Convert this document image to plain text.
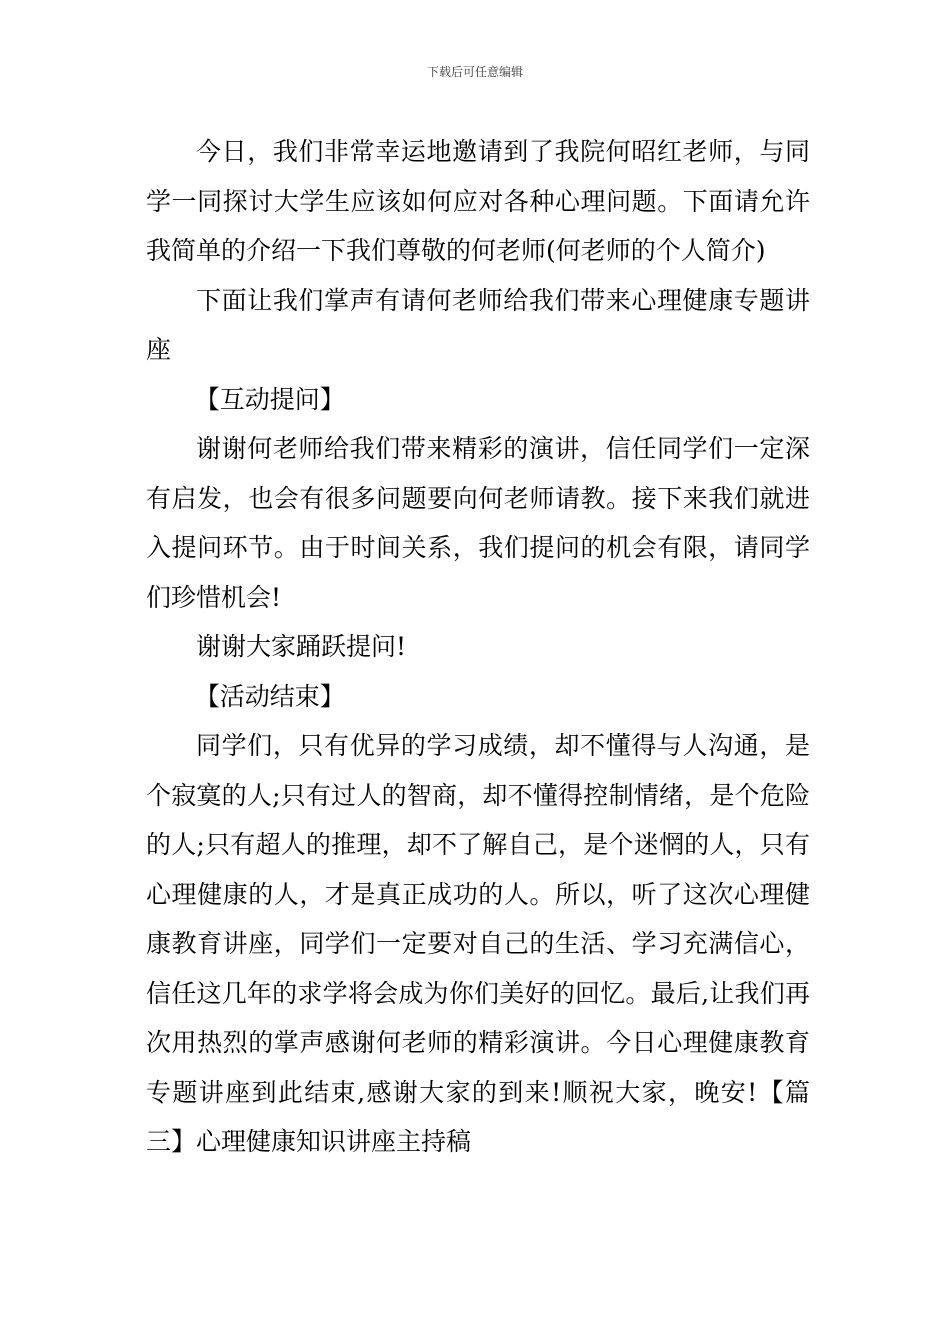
下载后可任意编辑

今日，我们非常幸运地邀请到了我院何昭红老师，与同学一同探讨大学生应该如何应对各种心理问题。下面请允许我简单的介绍一下我们尊敬的何老师(何老师的个人简介)

下面让我们掌声有请何老师给我们带来心理健康专题讲座

【互动提问】

谢谢何老师给我们带来精彩的演讲，信任同学们一定深有启发，也会有很多问题要向何老师请教。接下来我们就进入提问环节。由于时间关系，我们提问的机会有限，请同学们珍惜机会!

谢谢大家踊跃提问!

【活动结束】

同学们，只有优异的学习成绩，却不懂得与人沟通，是个寂寞的人;只有过人的智商，却不懂得控制情绪，是个危险的人;只有超人的推理，却不了解自己，是个迷惘的人，只有心理健康的人，才是真正成功的人。所以，听了这次心理健康教育讲座，同学们一定要对自己的生活、学习充满信心，信任这几年的求学将会成为你们美好的回忆。最后,让我们再次用热烈的掌声感谢何老师的精彩演讲。今日心理健康教育专题讲座到此结束,感谢大家的到来!顺祝大家，晚安!【篇三】心理健康知识讲座主持稿
